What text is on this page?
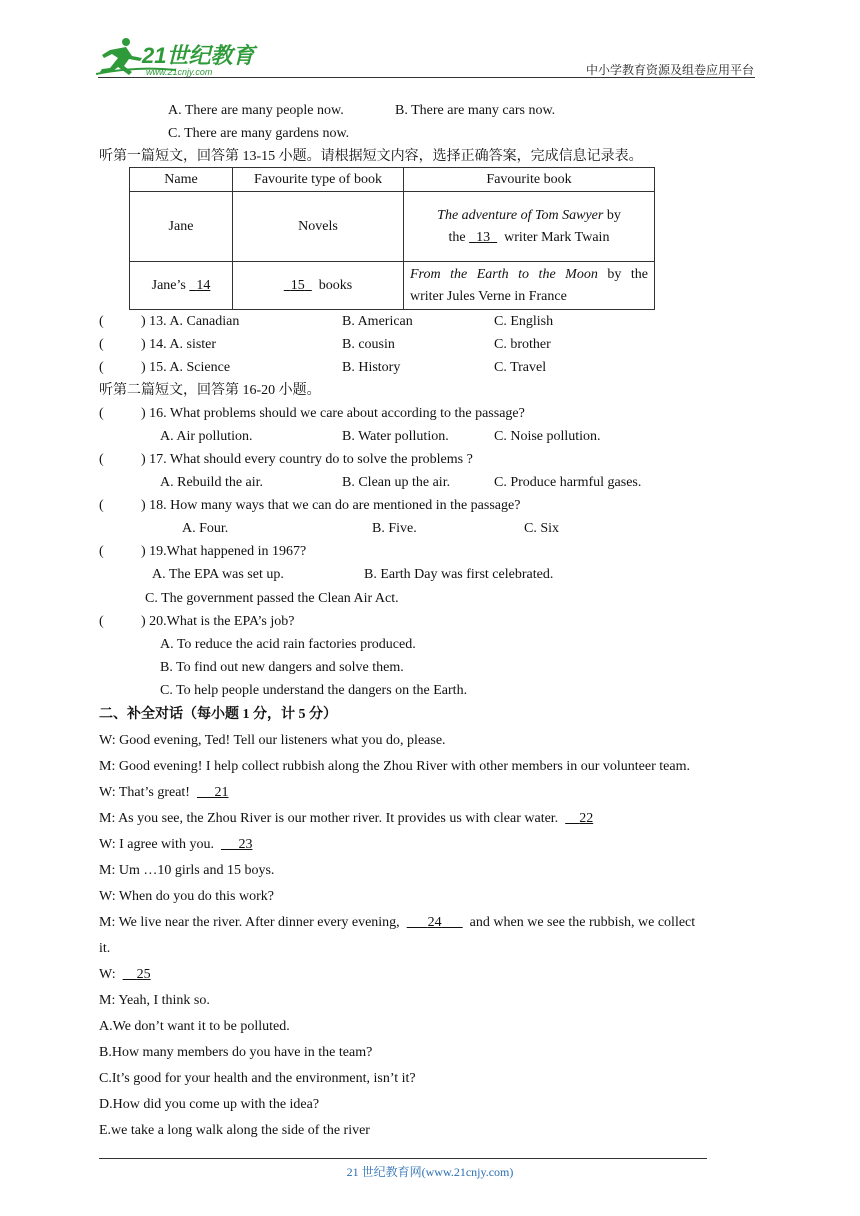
21世纪教育
www.21cnjy.com	中小学教育资源及组卷应用平台
A. There are many people now.	B. There are many cars now.
C. There are many gardens now.
听第一篇短文，回答第 13-15 小题。请根据短文内容，选择正确答案，完成信息记录表。
Name	Favourite type of book	Favourite book
Jane	Novels	The adventure of Tom Sawyer by
the 13 writer Mark Twain

Jane’s 14	15 books	From the Earth to the Moon by the
writer Jules Verne in France
(	) 13. A. Canadian	B. American	C. English
(	) 14. A. sister	B. cousin	C. brother
(	) 15. A. Science	B. History	C. Travel
听第二篇短文，回答第 16-20 小题。
(	) 16. What problems should we care about according to the passage?
A. Air pollution.	B. Water pollution.	C. Noise pollution.
(	) 17. What should every country do to solve the problems ?
A. Rebuild the air.	B. Clean up the air.	C. Produce harmful gases.
(	) 18. How many ways that we can do are mentioned in the passage?
A. Four.	B. Five.	C. Six
(	) 19.What happened in 1967?
A. The EPA was set up.	B. Earth Day was first celebrated.
C. The government passed the Clean Air Act.
(	) 20.What is the EPA’s job?
A. To reduce the acid rain factories produced.
B. To find out new dangers and solve them.
C. To help people understand the dangers on the Earth.
二、补全对话（每小题 1 分，计 5 分）
W: Good evening, Ted! Tell our listeners what you do, please.
M: Good evening! I help collect rubbish along the Zhou River with other members in our volunteer team.
W: That’s great! 21
M: As you see, the Zhou River is our mother river. It provides us with clear water. 22
W: I agree with you. 23
M: Um …10 girls and 15 boys.
W: When do you do this work?
M: We live near the river. After dinner every evening, 24 and when we see the rubbish, we collect
it.
W: 25
M: Yeah, I think so.
A.We don’t want it to be polluted.
B.How many members do you have in the team?
C.It’s good for your health and the environment, isn’t it?
D.How did you come up with the idea?
E.we take a long walk along the side of the river
21 世纪教育网(www.21cnjy.com)
